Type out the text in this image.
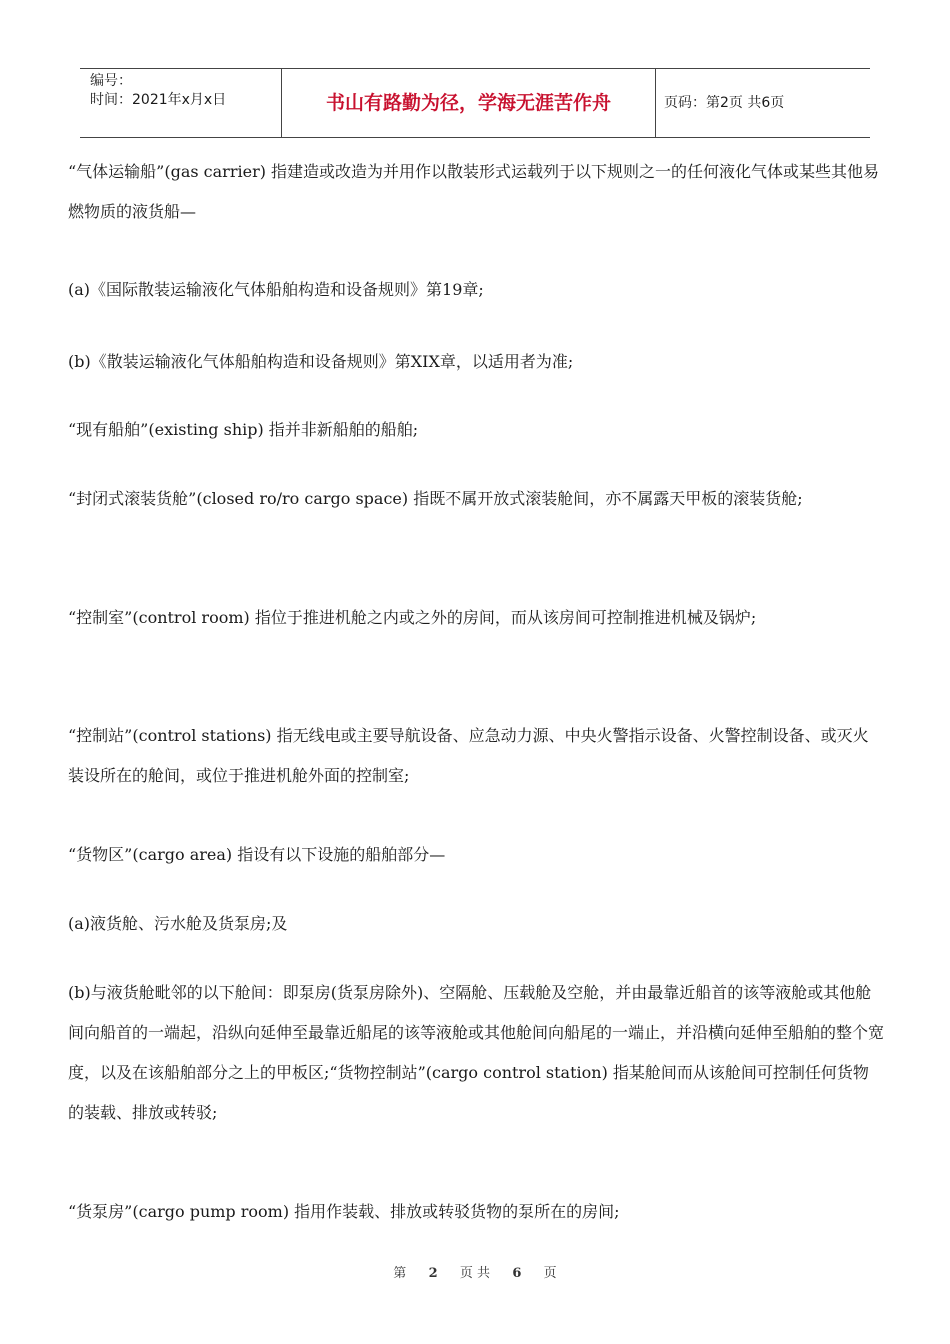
编号：
时间：2021年x月x日	书山有路勤为径，学海无涯苦作舟	页码：第2页 共6页

“气体运输船”(gas carrier) 指建造或改造为并用作以散装形式运载列于以下规则之一的任何液化气体或某些其他易燃物质的液货船—

(a)《国际散装运输液化气体船舶构造和设备规则》第19章;

(b)《散装运输液化气体船舶构造和设备规则》第XIX章，以适用者为准;

“现有船舶”(existing ship) 指并非新船舶的船舶;

“封闭式滚装货舱”(closed ro/ro cargo space) 指既不属开放式滚装舱间，亦不属露天甲板的滚装货舱;

“控制室”(control room) 指位于推进机舱之内或之外的房间，而从该房间可控制推进机械及锅炉;

“控制站”(control stations) 指无线电或主要导航设备、应急动力源、中央火警指示设备、火警控制设备、或灭火装设所在的舱间，或位于推进机舱外面的控制室;

“货物区”(cargo area) 指设有以下设施的船舶部分—

(a)液货舱、污水舱及货泵房;及

(b)与液货舱毗邻的以下舱间：即泵房(货泵房除外)、空隔舱、压载舱及空舱，并由最靠近船首的该等液舱或其他舱间向船首的一端起，沿纵向延伸至最靠近船尾的该等液舱或其他舱间向船尾的一端止，并沿横向延伸至船舶的整个宽度，以及在该船舶部分之上的甲板区;“货物控制站”(cargo control station) 指某舱间而从该舱间可控制任何货物的装载、排放或转驳;

“货泵房”(cargo pump room) 指用作装载、排放或转驳货物的泵所在的房间;

第 2 页 共 6 页
